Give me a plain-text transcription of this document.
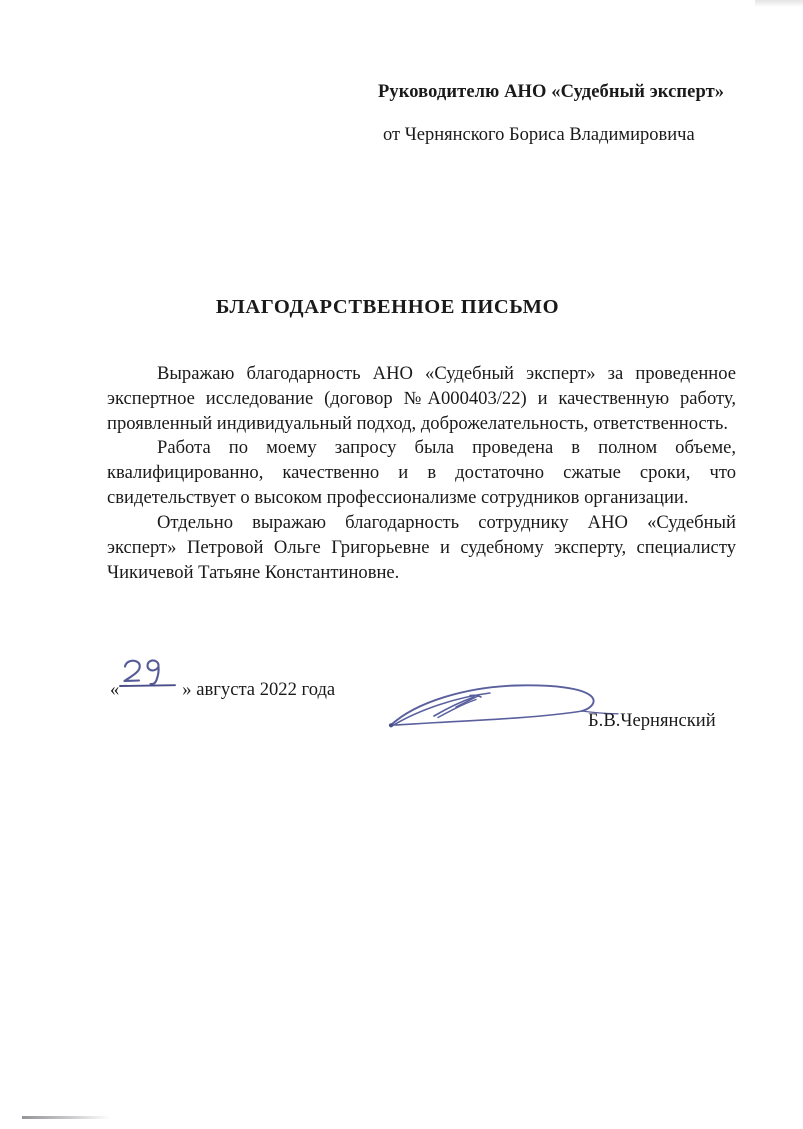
Руководителю АНО «Судебный эксперт»
от Чернянского Бориса Владимировича
БЛАГОДАРСТВЕННОЕ ПИСЬМО

Выражаю благодарность АНО «Судебный эксперт» за проведенное экспертное исследование (договор №А000403/22) и качественную работу, проявленный индивидуальный подход, доброжелательность, ответственность.

Работа по моему запросу была проведена в полном объеме, квалифицированно, качественно и в достаточно сжатые сроки, что свидетельствует о высоком профессионализме сотрудников организации.

Отдельно выражаю благодарность сотруднику АНО «Судебный эксперт» Петровой Ольге Григорьевне и судебному эксперту, специалисту Чикичевой Татьяне Константиновне.

«	» августа 2022 года
Б.В.Чернянский
